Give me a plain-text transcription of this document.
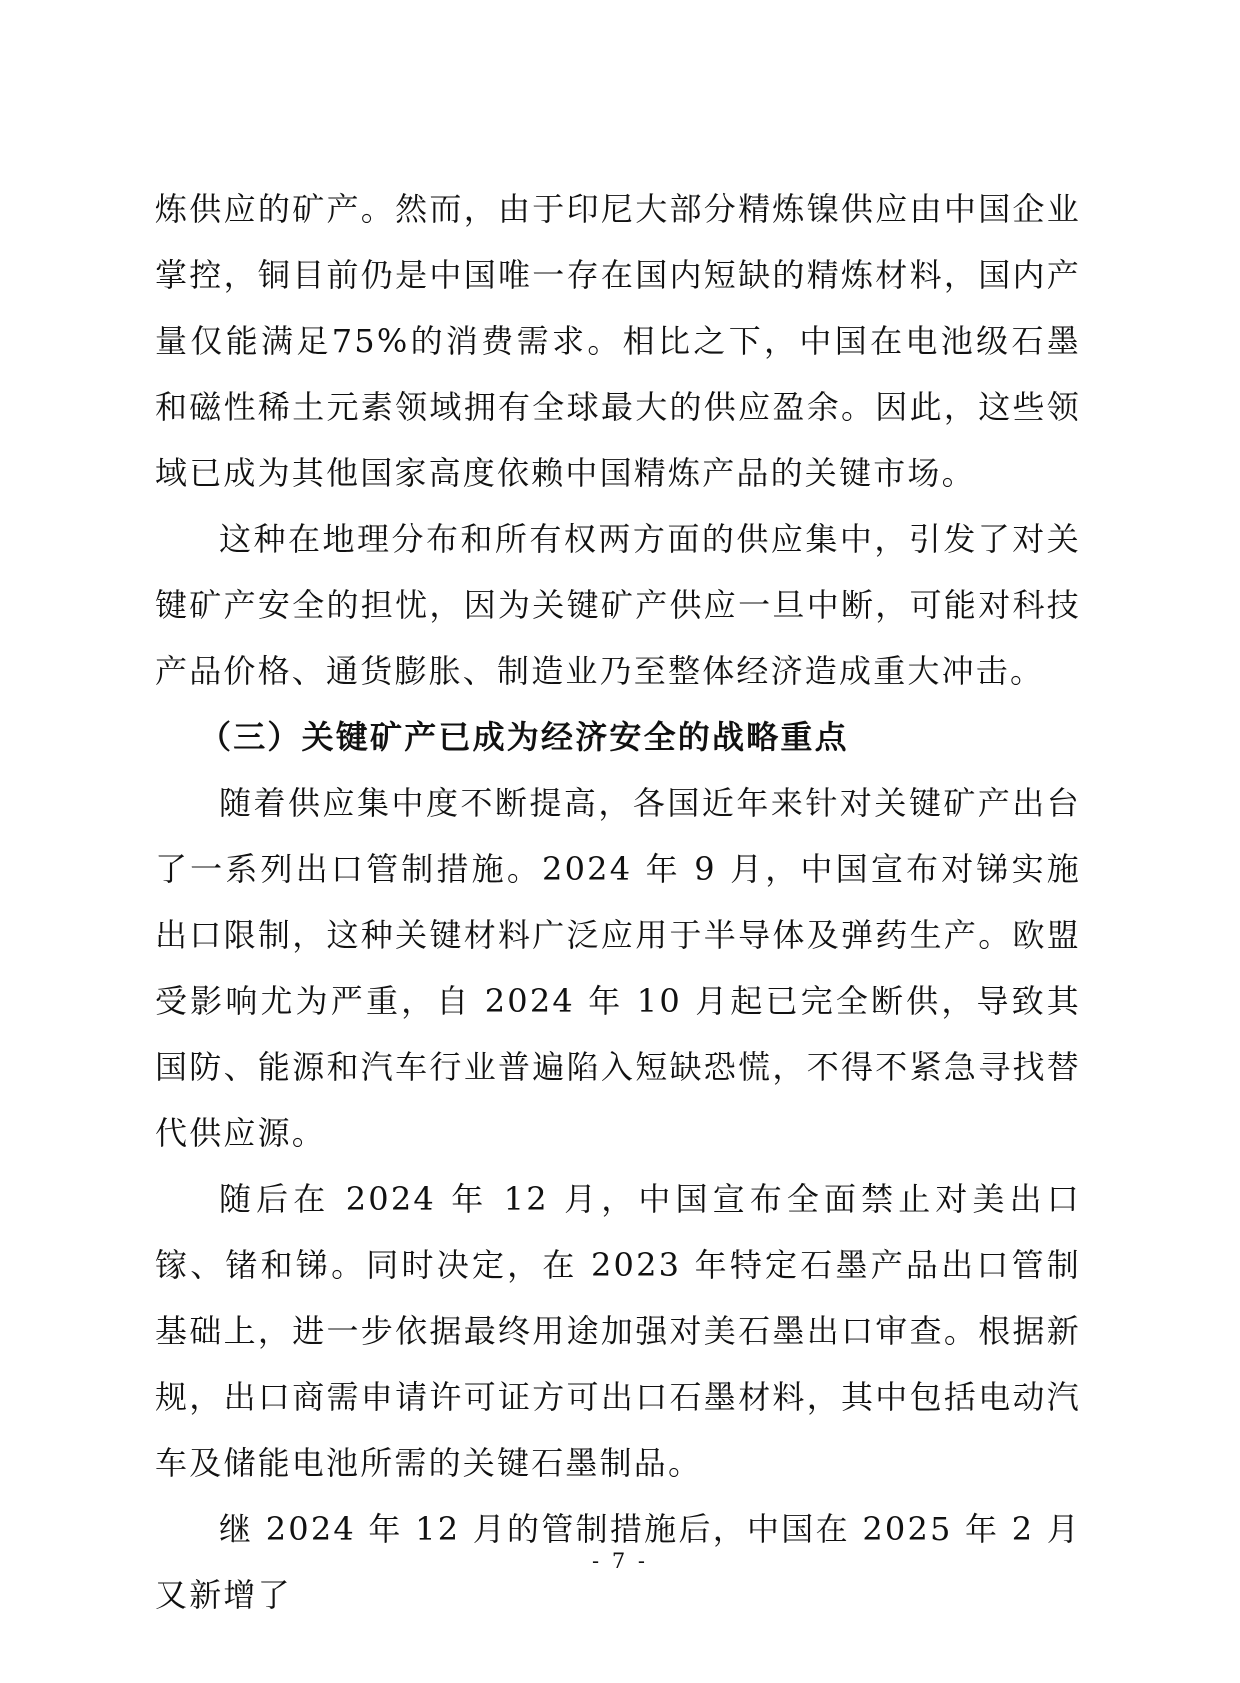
炼供应的矿产。然而，由于印尼大部分精炼镍供应由中国企业掌控，铜目前仍是中国唯一存在国内短缺的精炼材料，国内产量仅能满足75%的消费需求。相比之下，中国在电池级石墨和磁性稀土元素领域拥有全球最大的供应盈余。因此，这些领域已成为其他国家高度依赖中国精炼产品的关键市场。

这种在地理分布和所有权两方面的供应集中，引发了对关键矿产安全的担忧，因为关键矿产供应一旦中断，可能对科技产品价格、通货膨胀、制造业乃至整体经济造成重大冲击。

（三）关键矿产已成为经济安全的战略重点

随着供应集中度不断提高，各国近年来针对关键矿产出台了一系列出口管制措施。2024 年 9 月，中国宣布对锑实施出口限制，这种关键材料广泛应用于半导体及弹药生产。欧盟受影响尤为严重，自 2024 年 10 月起已完全断供，导致其国防、能源和汽车行业普遍陷入短缺恐慌，不得不紧急寻找替代供应源。

随后在 2024 年 12 月，中国宣布全面禁止对美出口镓、锗和锑。同时决定，在 2023 年特定石墨产品出口管制基础上，进一步依据最终用途加强对美石墨出口审查。根据新规，出口商需申请许可证方可出口石墨材料，其中包括电动汽车及储能电池所需的关键石墨制品。

继 2024 年 12 月的管制措施后，中国在 2025 年 2 月又新增了

- 7 -
